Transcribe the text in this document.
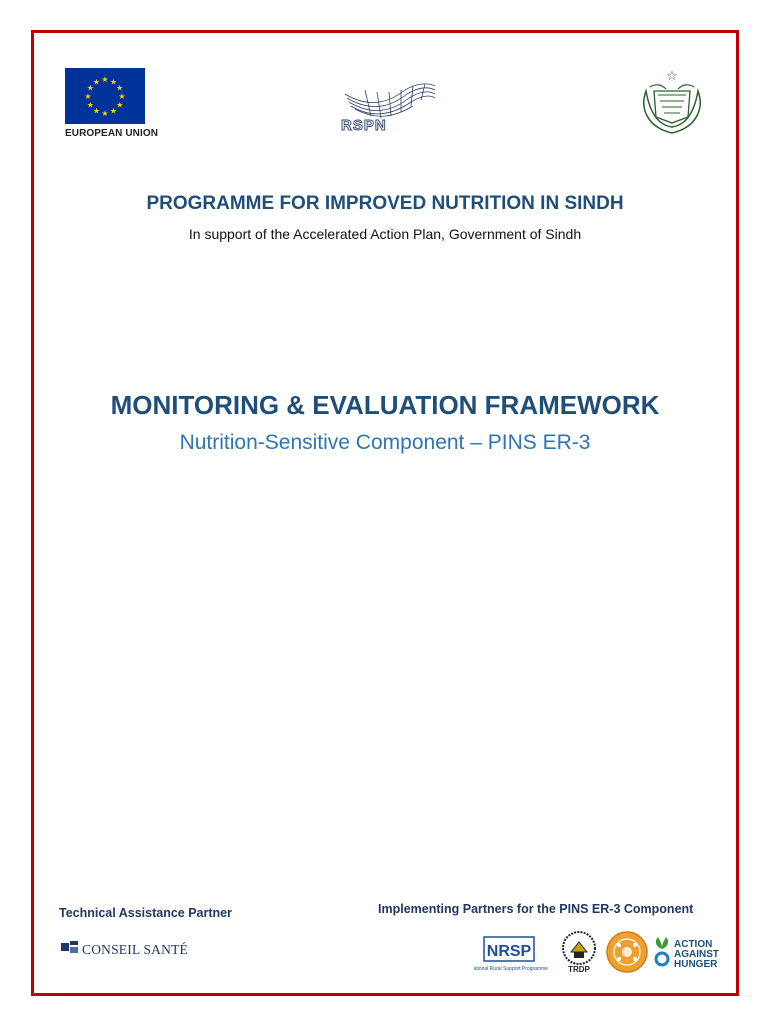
★ ★
★
★
★
★
★
★
★
★
★
★
EUROPEAN UNION	RSPN
☆
PROGRAMME FOR IMPROVED NUTRITION IN SINDH
In support of the Accelerated Action Plan, Government of Sindh
MONITORING & EVALUATION FRAMEWORK
Nutrition-Sensitive Component – PINS ER-3
Technical Assistance Partner	Implementing Partners for the PINS ER-3 Component
CONSEIL SANTÉ	NRSP
National Rural Support Programme	TRDP
ACTION
AGAINST
HUNGER
